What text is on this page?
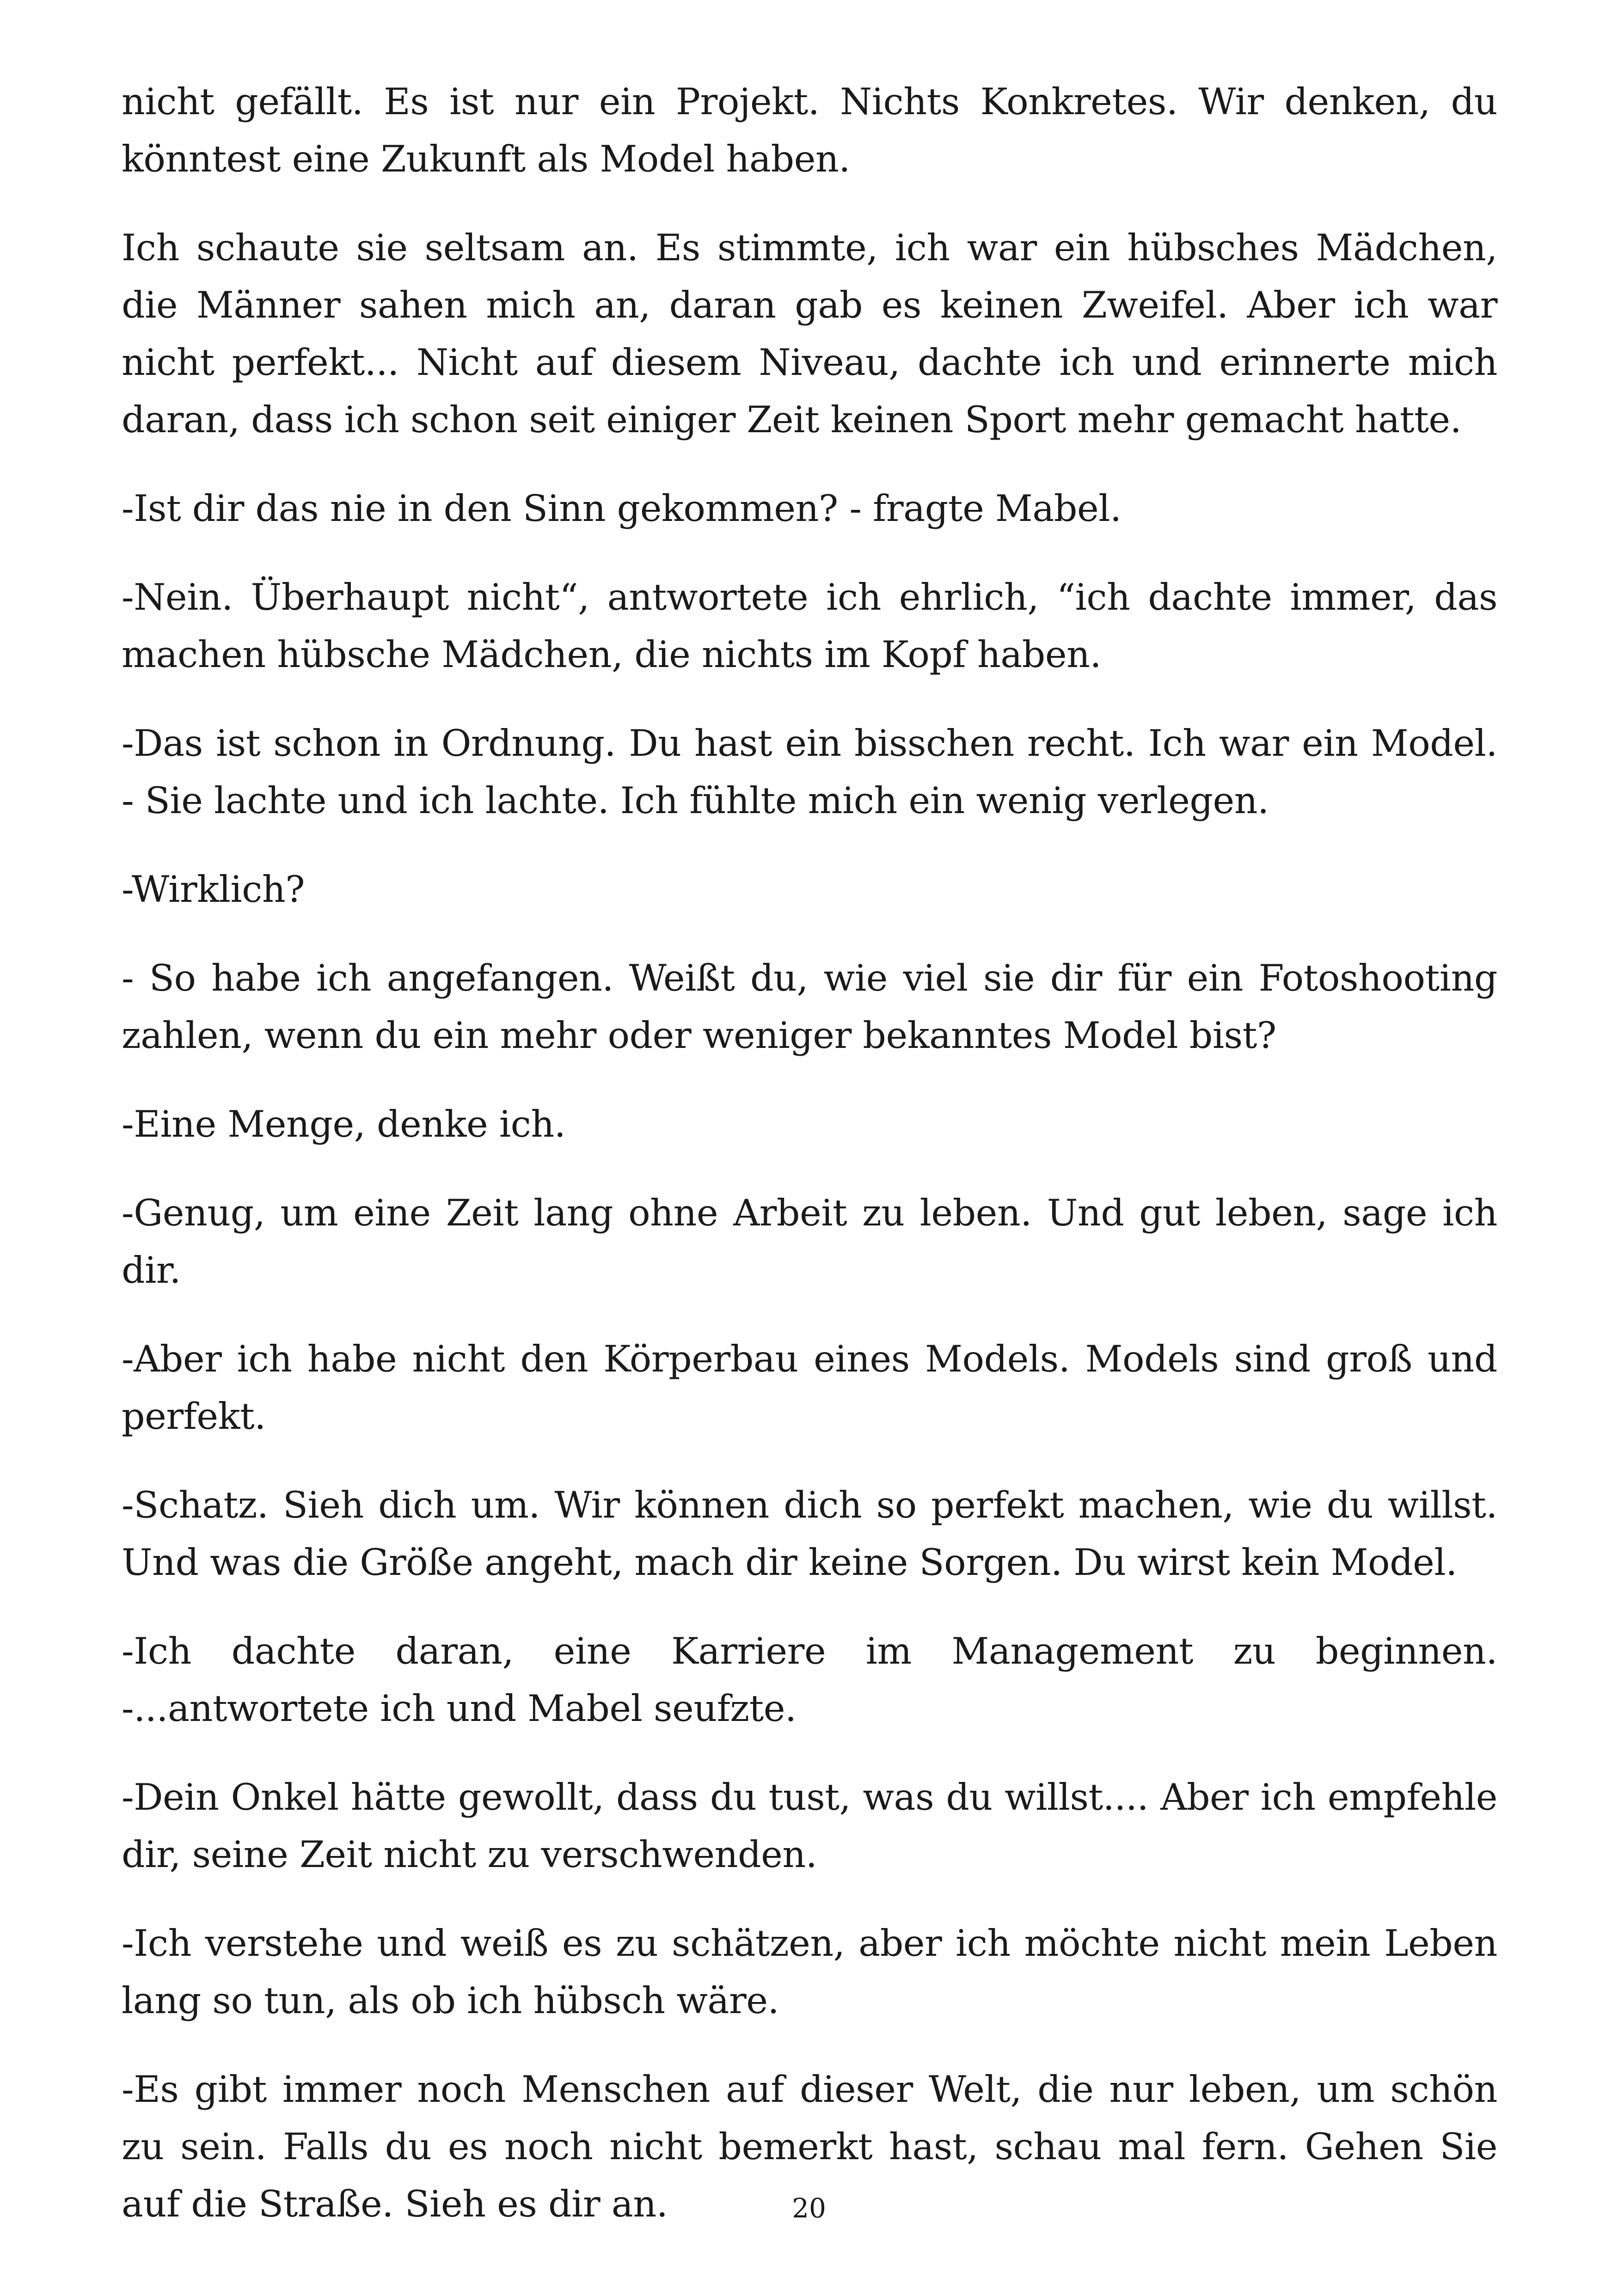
nicht gefällt. Es ist nur ein Projekt. Nichts Konkretes. Wir denken, du könntest eine Zukunft als Model haben.

Ich schaute sie seltsam an. Es stimmte, ich war ein hübsches Mädchen, die Männer sahen mich an, daran gab es keinen Zweifel. Aber ich war nicht perfekt... Nicht auf diesem Niveau, dachte ich und erinnerte mich daran, dass ich schon seit einiger Zeit keinen Sport mehr gemacht hatte.

-Ist dir das nie in den Sinn gekommen? - fragte Mabel.

-Nein. Überhaupt nicht“, antwortete ich ehrlich, “ich dachte immer, das machen hübsche Mädchen, die nichts im Kopf haben.

-Das ist schon in Ordnung. Du hast ein bisschen recht. Ich war ein Model. - Sie lachte und ich lachte. Ich fühlte mich ein wenig verlegen.

-Wirklich?

- So habe ich angefangen. Weißt du, wie viel sie dir für ein Fotoshooting zahlen, wenn du ein mehr oder weniger bekanntes Model bist?

-Eine Menge, denke ich.

-Genug, um eine Zeit lang ohne Arbeit zu leben. Und gut leben, sage ich dir.

-Aber ich habe nicht den Körperbau eines Models. Models sind groß und perfekt.

-Schatz. Sieh dich um. Wir können dich so perfekt machen, wie du willst. Und was die Größe angeht, mach dir keine Sorgen. Du wirst kein Model.

-Ich dachte daran, eine Karriere im Management zu beginnen. -...antwortete ich und Mabel seufzte.

-Dein Onkel hätte gewollt, dass du tust, was du willst.... Aber ich empfehle dir, seine Zeit nicht zu verschwenden.

-Ich verstehe und weiß es zu schätzen, aber ich möchte nicht mein Leben lang so tun, als ob ich hübsch wäre.

-Es gibt immer noch Menschen auf dieser Welt, die nur leben, um schön zu sein. Falls du es noch nicht bemerkt hast, schau mal fern. Gehen Sie auf die Straße. Sieh es dir an.	20
